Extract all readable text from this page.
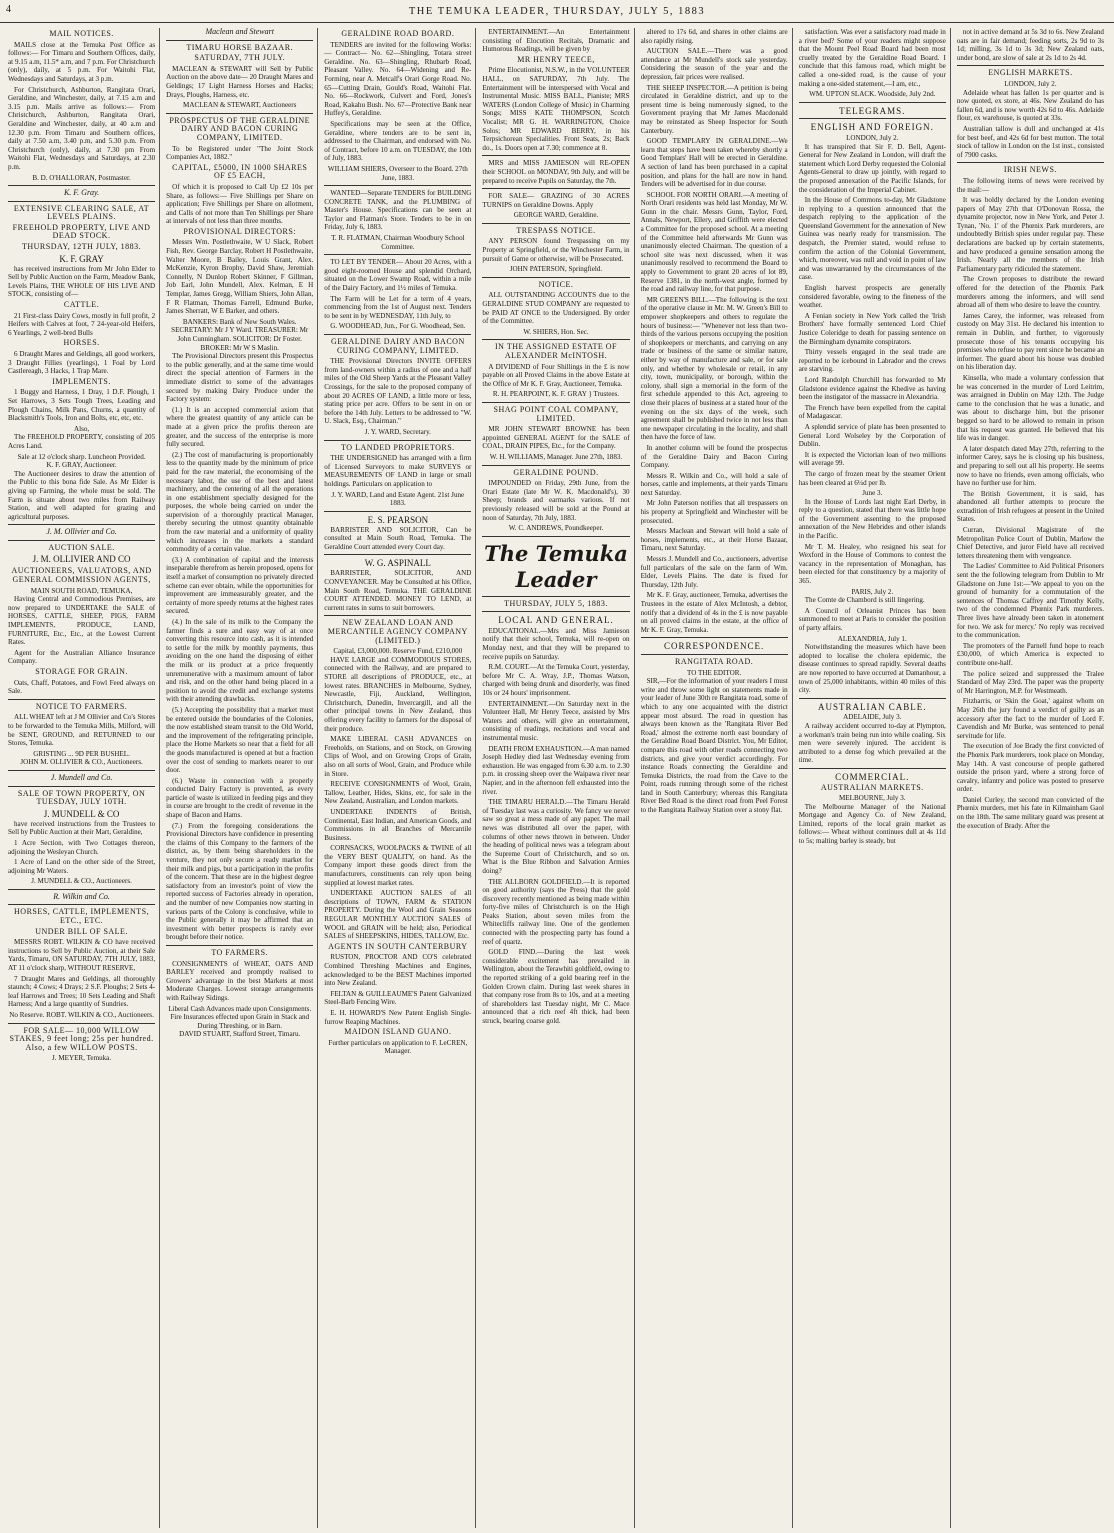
4	THE TEMUKA LEADER, THURSDAY, JULY 5, 1883
MAIL NOTICES.

MAILS close at the Temuka Post Office as follows:— For Timaru and Southern Offices, daily, at 9.15 a.m, 11.5* a.m, and 7 p.m. For Christchurch (only), daily, at 5 p.m. For Waitohi Flat, Wednesdays and Saturdays, at 3 p.m.

For Christchurch, Ashburton, Rangitata Orari, Geraldine, and Winchester, daily, at 7.15 a.m and 3.15 p.m. Mails arrive as follows:— From Christchurch, Ashburton, Rangitata Orari, Geraldine and Winchester, daily, at 40 a.m and 12.30 p.m. From Timaru and Southern offices, daily at 7.50 a.m, 3.40 p.m, and 5.30 p.m. From Christchurch (only), daily, at 7.30 pm From Waitohi Flat, Wednesdays and Saturdays, at 2.30 p.m.

B. D. O'HALLORAN, Postmaster.
K. F. Gray.
EXTENSIVE CLEARING SALE, AT LEVELS PLAINS.
FREEHOLD PROPERTY, LIVE AND DEAD STOCK.
THURSDAY, 12TH JULY, 1883.
K. F. GRAY

has received instructions from Mr John Elder to Sell by Public Auction on the Farm, Meadow Bank, Levels Plains, THE WHOLE OF HIS LIVE AND STOCK, consisting of—

CATTLE.

21 First-class Dairy Cows, mostly in full profit, 2 Heifers with Calves at foot, 7 24-year-old Heifers, 6 Yearlings, 2 well-bred Bulls

HORSES.

6 Draught Mares and Geldings, all good workers, 3 Draught Fillies (yearlings), 1 Foal by Lord Castlereagh, 3 Hacks, 1 Trap Mare.

IMPLEMENTS.

1 Buggy and Harness, 1 Dray, 1 D.F. Plough, 1 Set Harrows, 3 Sets Tough Trees, Leading and Plough Chains, Milk Pans, Churns, a quantity of Blacksmith's Tools, Iron and Bolts, etc, etc, etc.

Also,

The FREEHOLD PROPERTY, consisting of 205 Acres Land.

Sale at 12 o'clock sharp. Luncheon Provided.
K. F. GRAY, Auctioneer.

The Auctioneer desires to draw the attention of the Public to this bona fide Sale. As Mr Elder is giving up Farming, the whole must be sold. The Farm is situate about two miles from Railway Station, and well adapted for grazing and agricultural purposes.

J. M. Ollivier and Co.
AUCTION SALE.
J. M. OLLIVIER AND CO
AUCTIONEERS, VALUATORS, AND GENERAL COMMISSION AGENTS,
MAIN SOUTH ROAD, TEMUKA,

Having Central and Commodious Premises, are now prepared to UNDERTAKE the SALE of HORSES, CATTLE, SHEEP, PIGS, FARM IMPLEMENTS, PRODUCE, LAND, FURNITURE, Etc., Etc., at the Lowest Current Rates.

Agent for the Australian Alliance Insurance Company.

STORAGE FOR GRAIN.

Oats, Chaff, Potatoes, and Fowl Feed always on Sale.

NOTICE TO FARMERS.

ALL WHEAT left at J M Ollivier and Co's Stores to be forwarded to the Temuka Mills, Milford, will be SENT, GROUND, and RETURNED to our Stores, Temuka.

GRISTING ... 9D PER BUSHEL.
JOHN M. OLLIVIER & CO., Auctioneers.
J. Mundell and Co.
SALE OF TOWN PROPERTY, ON TUESDAY, JULY 10TH.
J. MUNDELL & CO

have received instructions from the Trustees to Sell by Public Auction at their Mart, Geraldine,

1 Acre Section, with Two Cottages thereon, adjoining the Wesleyan Church.

1 Acre of Land on the other side of the Street, adjoining Mr Waters.

J. MUNDELL & CO., Auctioneers.
R. Wilkin and Co.
HORSES, CATTLE, IMPLEMENTS, ETC., ETC.
UNDER BILL OF SALE.

MESSRS ROBT. WILKIN & CO have received instructions to Sell by Public Auction, at their Sale Yards, Timaru, ON SATURDAY, 7TH JULY, 1883, AT 11 o'clock sharp, WITHOUT RESERVE,

7 Draught Mares and Geldings, all thoroughly staunch; 4 Cows; 4 Drays; 2 S.F. Ploughs; 2 Sets 4-leaf Harrows and Trees; 10 Sets Leading and Shaft Harness; And a large quantity of Sundries.

No Reserve. ROBT. WILKIN & CO., Auctioneers.
FOR SALE— 10,000 WILLOW STAKES, 9 feet long; 25s per hundred. Also, a few WILLOW POSTS.
J. MEYER, Temuka.
Maclean and Stewart
TIMARU HORSE BAZAAR.
SATURDAY, 7TH JULY.

MACLEAN & STEWART will Sell by Public Auction on the above date— 20 Draught Mares and Geldings; 17 Light Harness Horses and Hacks; Drays, Ploughs, Harness, etc.

MACLEAN & STEWART, Auctioneers
PROSPECTUS OF THE GERALDINE DAIRY AND BACON CURING COMPANY, LIMITED.

To be Registered under "The Joint Stock Companies Act, 1882."

CAPITAL, £5000, IN 1000 SHARES OF £5 EACH,

Of which it is proposed to Call Up £2 10s per Share, as follows:— Five Shillings per Share on application; Five Shillings per Share on allotment, and Calls of not more than Ten Shillings per Share at intervals of not less than three months.

PROVISIONAL DIRECTORS:

Messrs Wm. Postlethwaite, W U Slack, Robert Fish, Rev. George Barclay, Robert H Postlethwaite, Walter Moore, B Bailey, Louis Grant, Alex. McKenzie, Kyron Brophy, David Shaw, Jeremiah Connelly, N Dunlop Robert Skinner, F Gillman, Job Earl, John Mundell, Alex. Kelman, E H Templar, James Gregg, William Shiers, John Allan, F R Flatman, Thomas Farrell, Edmund Burke, James Sherratt, W E Barker, and others.

BANKERS: Bank of New South Wales. SECRETARY: Mr J Y Ward. TREASURER: Mr John Cunningham. SOLICITOR: Dr Foster. BROKER: Mr W S Maslin.

The Provisional Directors present this Prospectus to the public generally, and at the same time would direct the special attention of Farmers in the immediate district to some of the advantages secured by making Dairy Produce under the Factory system:

(1.) It is an accepted commercial axiom that where the greatest quantity of any article can be made at a given price the profits thereon are greater, and the success of the enterprise is more fully secured.

(2.) The cost of manufacturing is proportionably less to the quantity made by the minimum of price paid for the raw material, the economising of the necessary labor, the use of the best and latest machinery, and the centering of all the operations in one establishment specially designed for the purposes, the whole being carried on under the supervision of a thoroughly practical Manager, thereby securing the utmost quantity obtainable from the raw material and a uniformity of quality which increases in the markets a standard commodity of a certain value.

(3.) A combination of capital and the interests inseparable therefrom as herein proposed, opens for itself a market of consumption no privately directed scheme can ever obtain, while the opportunities for improvement are immeasurably greater, and the certainty of more speedy returns at the highest rates secured.

(4.) In the sale of its milk to the Company the farmer finds a sure and easy way of at once converting this resource into cash, as it is intended to settle for the milk by monthly payments, thus avoiding on the one hand the disposing of either the milk or its product at a price frequently unremunerative with a maximum amount of labor and risk, and on the other hand being placed in a position to avoid the credit and exchange systems with their attending drawbacks.

(5.) Accepting the possibility that a market must be entered outside the boundaries of the Colonies, the now established steam transit to the Old World, and the improvement of the refrigerating principle, place the Home Markets so near that a field for all the goods manufactured is opened at but a fraction over the cost of sending to markets nearer to our door.

(6.) Waste in connection with a properly conducted Dairy Factory is prevented, as every particle of waste is utilized in feeding pigs and they in course are brought to the credit of revenue in the shape of Bacon and Hams.

(7.) From the foregoing considerations the Provisional Directors have confidence in presenting the claims of this Company to the farmers of the district, as, by them being shareholders in the venture, they not only secure a ready market for their milk and pigs, but a participation in the profits of the concern. That these are in the highest degree satisfactory from an investor's point of view the reported success of Factories already in operation, and the number of new Companies now starting in various parts of the Colony is conclusive, while to the Public generally it may be affirmed that an investment with better prospects is rarely ever brought before their notice.

TO FARMERS.

CONSIGNMENTS of WHEAT, OATS AND BARLEY received and promptly realised to Growers' advantage in the best Markets at most Moderate Charges. Lowest storage arrangements with Railway Sidings.

Liberal Cash Advances made upon Consignments.
Fire Insurances effected upon Grain in Stack and During Threshing, or in Barn.
DAVID STUART, Stafford Street, Timaru.
GERALDINE ROAD BOARD.

TENDERS are invited for the following Works:— Contract— No. 62—Shingling, Totara street Geraldine. No. 63—Shingling, Rhubarb Road, Pleasant Valley. No. 64—Widening and Re-Forming, near A. Metcalf's Orari Gorge Road. No. 65—Cutting Drain, Gould's Road, Waitohi Flat. No. 66—Rockwork, Culvert and Ford, Jones's Road, Kakahu Bush. No. 67—Protective Bank near Huffey's, Geraldine.

Specifications may be seen at the Office, Geraldine, where tenders are to be sent in, addressed to the Chairman, and endorsed with No. of Contract, before 10 a.m. on TUESDAY, the 10th of July, 1883.

WILLIAM SHIERS, Overseer to the Board. 27th June, 1883.

WANTED—Separate TENDERS for BUILDING CONCRETE TANK, and the PLUMBING of Master's House. Specifications can be seen at Taylor and Flatman's Store. Tenders to be in on Friday, July 6, 1883.

T. R. FLATMAN, Chairman Woodbury School Committee.

TO LET BY TENDER— About 20 Acres, with a good eight-roomed House and splendid Orchard, situated on the Lower Swamp Road, within a mile of the Dairy Factory, and 1½ miles of Temuka.

The Farm will be Let for a term of 4 years, commencing from the 1st of August next. Tenders to be sent in by WEDNESDAY, 11th July, to

G. WOODHEAD, Jun., For G. Woodhead, Sen.
GERALDINE DAIRY AND BACON CURING COMPANY, LIMITED.

THE Provisional Directors INVITE OFFERS from land-owners within a radius of one and a half miles of the Old Sheep Yards at the Pleasant Valley Crossings, for the sale to the proposed company of about 20 ACRES OF LAND, a little more or less, stating price per acre. Offers to be sent in on or before the 14th July. Letters to be addressed to "W. U. Slack, Esq., Chairman."

J. Y. WARD, Secretary.
TO LANDED PROPRIETORS.

THE UNDERSIGNED has arranged with a firm of Licensed Surveyors to make SURVEYS or MEASUREMENTS OF LAND in large or small holdings. Particulars on application to

J. Y. WARD, Land and Estate Agent. 21st June 1883.
E. S. PEARSON

BARRISTER AND SOLICITOR, Can be consulted at Main South Road, Temuka. The Geraldine Court attended every Court day.

W. G. ASPINALL

BARRISTER, SOLICITOR, AND CONVEYANCER. May be Consulted at his Office, Main South Road, Temuka. THE GERALDINE COURT ATTENDED. MONEY TO LEND, at current rates in sums to suit borrowers.

NEW ZEALAND LOAN AND MERCANTILE AGENCY COMPANY (LIMITED.)
Capital, £3,000,000. Reserve Fund, £210,000

HAVE LARGE and COMMODIOUS STORES, connected with the Railway, and are prepared to STORE all descriptions of PRODUCE, etc., at lowest rates. BRANCHES in Melbourne, Sydney, Newcastle, Fiji, Auckland, Wellington, Christchurch, Dunedin, Invercargill, and all the other principal towns in New Zealand, thus offering every facility to farmers for the disposal of their produce.

MAKE LIBERAL CASH ADVANCES on Freeholds, on Stations, and on Stock, on Growing Clips of Wool, and on Growing Crops of Grain, also on all sorts of Wool, Grain, and Produce while in Store.

RECEIVE CONSIGNMENTS of Wool, Grain, Tallow, Leather, Hides, Skins, etc, for sale in the New Zealand, Australian, and London markets.

UNDERTAKE INDENTS of British, Continental, East Indian, and American Goods, and Commissions in all Branches of Mercantile Business.

CORNSACKS, WOOLPACKS & TWINE of all the VERY BEST QUALITY, on hand. As the Company import these goods direct from the manufacturers, constituents can rely upon being supplied at lowest market rates.

UNDERTAKE AUCTION SALES of all descriptions of TOWN, FARM & STATION PROPERTY. During the Wool and Grain Seasons REGULAR MONTHLY AUCTION SALES of WOOL and GRAIN will be held; also, Periodical SALES of SHEEPSKINS, HIDES, TALLOW, Etc.

AGENTS IN SOUTH CANTERBURY

RUSTON, PROCTOR AND CO'S celebrated Combined Threshing Machines and Engines, acknowledged to be the BEST Machines imported into New Zealand.

FELTAN & GUILLEAUME'S Patent Galvanized Steel-Barb Fencing Wire.

E. H. HOWARD'S New Patent English Single-furrow Reaping Machines.

MAIDON ISLAND GUANO.
Further particulars on application to F. LeCREN, Manager.

ENTERTAINMENT.—An Entertainment consisting of Elocution Recitals, Dramatic and Humorous Readings, will be given by

MR HENRY TEECE,

Prime Elocutionist, N.S.W., in the VOLUNTEER HALL, on SATURDAY, 7th July. The Entertainment will be interspersed with Vocal and Instrumental Music. MISS BALL, Pianiste; MRS WATERS (London College of Music) in Charming Songs; MISS KATE THOMPSON, Scotch Vocalist; MR G. H. WARRINGTON, Choice Solos; MR EDWARD BERRY, in his Terpsichorean Specialities. Front Seats, 2s; Back do., 1s. Doors open at 7.30; commence at 8.

MRS and MISS JAMIESON will RE-OPEN their SCHOOL on MONDAY, 9th July, and will be prepared to receive Pupils on Saturday, the 7th.

FOR SALE— GRAZING of 30 ACRES TURNIPS on Geraldine Downs. Apply

GEORGE WARD, Geraldine.
TRESPASS NOTICE.

ANY PERSON found Trespassing on my Property at Springfield, or the Winchester Farm, in pursuit of Game or otherwise, will be Prosecuted.

JOHN PATERSON, Springfield.
NOTICE.

ALL OUTSTANDING ACCOUNTS due to the GERALDINE STUD COMPANY are requested to be PAID AT ONCE to the Undersigned. By order of the Committee.

W. SHIERS, Hon. Sec.
IN THE ASSIGNED ESTATE OF ALEXANDER McINTOSH.

A DIVIDEND of Four Shillings in the £ is now payable on all Proved Claims in the above Estate at the Office of Mr K. F. Gray, Auctioneer, Temuka.

R. H. PEARPOINT, K. F. GRAY } Trustees.
SHAG POINT COAL COMPANY, LIMITED.

MR JOHN STEWART BROWNE has been appointed GENERAL AGENT for the SALE of COAL, DRAIN PIPES, Etc., for the Company.

W. H. WILLIAMS, Manager. June 27th, 1883.
GERALDINE POUND.

IMPOUNDED on Friday, 29th June, from the Orari Estate (late Mr W. K. Macdonald's), 30 Sheep; brands and earmarks various. If not previously released will be sold at the Pound at noon of Saturday, 7th July, 1883.

W. C. ANDREWS, Poundkeeper.
The Temuka Leader
THURSDAY, JULY 5, 1883.
LOCAL AND GENERAL.

EDUCATIONAL.—Mrs and Miss Jamieson notify that their school, Temuka, will re-open on Monday next, and that they will be prepared to receive pupils on Saturday.

R.M. COURT.—At the Temuka Court, yesterday, before Mr C. A. Wray, J.P., Thomas Watson, charged with being drunk and disorderly, was fined 10s or 24 hours' imprisonment.

ENTERTAINMENT.—On Saturday next in the Volunteer Hall, Mr Henry Teece, assisted by Mrs Waters and others, will give an entertainment, consisting of readings, recitations and vocal and instrumental music.

DEATH FROM EXHAUSTION.—A man named Joseph Hedley died last Wednesday evening from exhaustion. He was engaged from 6.30 a.m. to 2.30 p.m. in crossing sheep over the Waipawa river near Napier, and in the afternoon fell exhausted into the river.

THE TIMARU HERALD.—The Timaru Herald of Tuesday last was a curiosity. We fancy we never saw so great a mess made of any paper. The mail news was distributed all over the paper, with columns of other news thrown in between. Under the heading of political news was a telegram about the Supreme Court of Christchurch, and so on. What is the Blue Ribbon and Salvation Armies doing?

THE ALLBORN GOLDFIELD.—It is reported on good authority (says the Press) that the gold discovery recently mentioned as being made within forty-five miles of Christchurch is on the High Peaks Station, about seven miles from the Whitecliffs railway line. One of the gentlemen connected with the prospecting party has found a reef of quartz.

GOLD FIND.—During the last week considerable excitement has prevailed in Wellington, about the Terawhiti goldfield, owing to the reported striking of a gold bearing reef in the Golden Crown claim. During last week shares in that company rose from 8s to 10s, and at a meeting of shareholders last Tuesday night, Mr C. Mace announced that a rich reef 4ft thick, had been struck, bearing coarse gold.

altered to 17s 6d, and shares in other claims are also rapidly rising.

AUCTION SALE.—There was a good attendance at Mr Mundell's stock sale yesterday. Considering the season of the year and the depression, fair prices were realised.

THE SHEEP INSPECTOR.—A petition is being circulated in Geraldine district, and up to the present time is being numerously signed, to the Government praying that Mr James Macdonald may be reinstated as Sheep Inspector for South Canterbury.

GOOD TEMPLARY IN GERALDINE.—We learn that steps have been taken whereby shortly a Good Templars' Hall will be erected in Geraldine. A section of land has been purchased in a capital position, and plans for the hall are now in hand. Tenders will be advertised for in due course.

SCHOOL FOR NORTH ORARI.—A meeting of North Orari residents was held last Monday, Mr W. Gunn in the chair. Messrs Gunn, Taylor, Ford, Annals, Newport, Ellery, and Griffith were elected a Committee for the proposed school. At a meeting of the Committee held afterwards Mr Gunn was unanimously elected Chairman. The question of a school site was next discussed, when it was unanimously resolved to recommend the Board to apply to Government to grant 20 acres of lot 89, Reserve 1381, in the north-west angle, formed by the road and railway line, for that purpose.

MR GREEN'S BILL.—The following is the text of the operative clause in Mr. M. W. Green's Bill to empower shopkeepers and others to regulate the hours of business:— "Whenever not less than two-thirds of the various persons occupying the position of shopkeepers or merchants, and carrying on any trade or business of the same or similar nature, either by way of manufacture and sale, or for sale only, and whether by wholesale or retail, in any city, town, municipality, or borough, within the colony, shall sign a memorial in the form of the first schedule appended to this Act, agreeing to close their places of business at a stated hour of the evening on the six days of the week, such agreement shall be published twice in not less than one newspaper circulating in the locality, and shall then have the force of law.

In another column will be found the prospectus of the Geraldine Dairy and Bacon Curing Company.

Messrs R. Wilkin and Co., will hold a sale of horses, cattle and implements, at their yards Timaru next Saturday.

Mr John Paterson notifies that all trespassers on his property at Springfield and Winchester will be prosecuted.

Messrs Maclean and Stewart will hold a sale of horses, implements, etc., at their Horse Bazaar, Timaru, next Saturday.

Messrs J. Mundell and Co., auctioneers, advertise full particulars of the sale on the farm of Wm. Elder, Levels Plains. The date is fixed for Thursday, 12th July.

Mr K. F. Gray, auctioneer, Temuka, advertises the Trustees in the estate of Alex McIntosh, a debtor, notify that a dividend of 4s in the £ is now payable on all proved claims in the estate, at the office of Mr K. F. Gray, Temuka.

CORRESPONDENCE.
RANGITATA ROAD.
TO THE EDITOR.

SIR,—For the information of your readers I must write and throw some light on statements made in your leader of June 30th re Rangitata road, some of which to any one acquainted with the district appear most absurd. The road in question has always been known as the 'Rangitata River Bed Road,' almost the extreme north east boundary of the Geraldine Road Board District. You, Mr Editor, compare this road with other roads connecting two districts, and give your verdict accordingly. For instance Roads connecting the Geraldine and Temuka Districts, the road from the Cave to the Point, roads running through some of the richest land in South Canterbury; whereas this Rangitata River Bed Road is the direct road from Peel Forest to the Rangitata Railway Station over a stony flat.

satisfaction. Was ever a satisfactory road made in a river bed? Some of your readers might suppose that the Mount Peel Road Board had been most cruelly treated by the Geraldine Road Board. I conclude that this famous road, which might be called a one-sided road, is the cause of your making a one-sided statement,—I am, etc.,

WM. UPTON SLACK. Woodside, July 2nd.
TELEGRAMS.
ENGLISH AND FOREIGN.
LONDON, July 2.

It has transpired that Sir F. D. Bell, Agent-General for New Zealand in London, will draft the statement which Lord Derby requested the Colonial Agents-General to draw up jointly, with regard to the proposed annexation of the Pacific Islands, for the consideration of the Imperial Cabinet.

In the House of Commons to-day, Mr Gladstone in replying to a question announced that the despatch replying to the application of the Queensland Government for the annexation of New Guinea was nearly ready for transmission. The despatch, the Premier stated, would refuse to confirm the action of the Colonial Government, which, moreover, was null and void in point of law and was unwarranted by the circumstances of the case.

English harvest prospects are generally considered favorable, owing to the fineness of the weather.

A Fenian society in New York called the 'Irish Brothers' have formally sentenced Lord Chief Justice Coleridge to death for passing sentence on the Birmingham dynamite conspirators.

Thirty vessels engaged in the seal trade are reported to be icebound in Labrador and the crews are starving.

Lord Randolph Churchill has forwarded to Mr Gladstone evidence against the Khedive as having been the instigator of the massacre in Alexandria.

The French have been expelled from the capital of Madagascar.

A splendid service of plate has been presented to General Lord Wolseley by the Corporation of Dublin.

It is expected the Victorian loan of two millions will average 99.

The cargo of frozen meat by the steamer Orient has been cleared at 6¼d per lb.

June 3.

In the House of Lords last night Earl Derby, in reply to a question, stated that there was little hope of the Government assenting to the proposed annexation of the New Hebrides and other islands in the Pacific.

Mr T. M. Healey, who resigned his seat for Wexford in the House of Commons to contest the vacancy in the representation of Monaghan, has been elected for that constituency by a majority of 365.

PARIS, July 2.

The Comte de Chambord is still lingering.

A Council of Orleanist Princes has been summoned to meet at Paris to consider the position of party affairs.

ALEXANDRIA, July 1.

Notwithstanding the measures which have been adopted to localise the cholera epidemic, the disease continues to spread rapidly. Several deaths are now reported to have occurred at Damanhour, a town of 25,000 inhabitants, within 40 miles of this city.

AUSTRALIAN CABLE.
ADELAIDE, July 3.

A railway accident occurred to-day at Plympton, a workman's train being run into while coaling. Six men were severely injured. The accident is attributed to a dense fog which prevailed at the time.

COMMERCIAL.
AUSTRALIAN MARKETS.
MELBOURNE, July 3.

The Melbourne Manager of the National Mortgage and Agency Co. of New Zealand, Limited, reports of the local grain market as follows:— Wheat without continues dull at 4s 11d to 5s; malting barley is steady, but

not in active demand at 5s 3d to 6s. New Zealand oats are in fair demand; feeding sorts, 2s 9d to 3s 1d; milling, 3s 1d to 3s 3d; New Zealand oats, under bond, are slow of sale at 2s 1d to 2s 4d.

ENGLISH MARKETS.
LONDON, July 2.

Adelaide wheat has fallen 1s per quarter and is now quoted, ex store, at 46s. New Zealand do has fallen 6d, and is now worth 42s 6d to 46s. Adelaide flour, ex warehouse, is quoted at 33s.

Australian tallow is dull and unchanged at 41s for best beef, and 42s 6d for best mutton. The total stock of tallow in London on the 1st inst., consisted of 7900 casks.

IRISH NEWS.

The following items of news were received by the mail:—

It was boldly declared by the London evening papers of May 27th that O'Donovan Rossa, the dynamite projector, now in New York, and Peter J. Tynan, 'No. 1' of the Phœnix Park murderers, are undoubtedly British spies under regular pay. These declarations are backed up by certain statements, and have produced a genuine sensation among the Irish. Nearly all the members of the Irish Parliamentary party ridiculed the statement.

The Crown proposes to distribute the reward offered for the detection of the Phœnix Park murderers among the informers, and will send abroad all of them who desire to leave the country.

James Carey, the informer, was released from custody on May 31st. He declared his intention to remain in Dublin, and further, to vigorously prosecute those of his tenants occupying his premises who refuse to pay rent since he became an informer. The guard about his house was doubled on his liberation day.

Kinsella, who made a voluntary confession that he was concerned in the murder of Lord Leitrim, was arraigned in Dublin on May 12th. The Judge came to the conclusion that he was a lunatic, and was about to discharge him, but the prisoner begged so hard to be allowed to remain in prison that his request was granted. He believed that his life was in danger.

A later despatch dated May 27th, referring to the informer Carey, says he is closing up his business, and preparing to sell out all his property. He seems now to have no friends, even among officials, who have no further use for him.

The British Government, it is said, has abandoned all further attempts to procure the extradition of Irish refugees at present in the United States.

Curran, Divisional Magistrate of the Metropolitan Police Court of Dublin, Marlow the Chief Detective, and juror Field have all received letters threatening them with vengeance.

The Ladies' Committee to Aid Political Prisoners sent the the following telegram from Dublin to Mr Gladstone on June 1st:—'We appeal to you on the ground of humanity for a commutation of the sentences of Thomas Caffrey and Timothy Kelly, two of the condemned Phœnix Park murderers. Three lives have already been taken in atonement for two. We ask for mercy.' No reply was received to the communication.

The promoters of the Parnell fund hope to reach £30,000, of which America is expected to contribute one-half.

The police seized and suppressed the Tralee Standard of May 23rd. The paper was the property of Mr Harrington, M.P. for Westmeath.

Fitzharris, or 'Skin the Goat,' against whom on May 26th the jury found a verdict of guilty as an accessory after the fact to the murder of Lord F. Cavendish and Mr Burke, was sentenced to penal servitude for life.

The execution of Joe Brady the first convicted of the Phœnix Park murderers, took place on Monday, May 14th. A vast concourse of people gathered outside the prison yard, where a strong force of cavalry, infantry and police was posted to preserve order.

Daniel Curley, the second man convicted of the Phœnix murders, met his fate in Kilmainham Gaol on the 18th. The same military guard was present at the execution of Brady. After the
